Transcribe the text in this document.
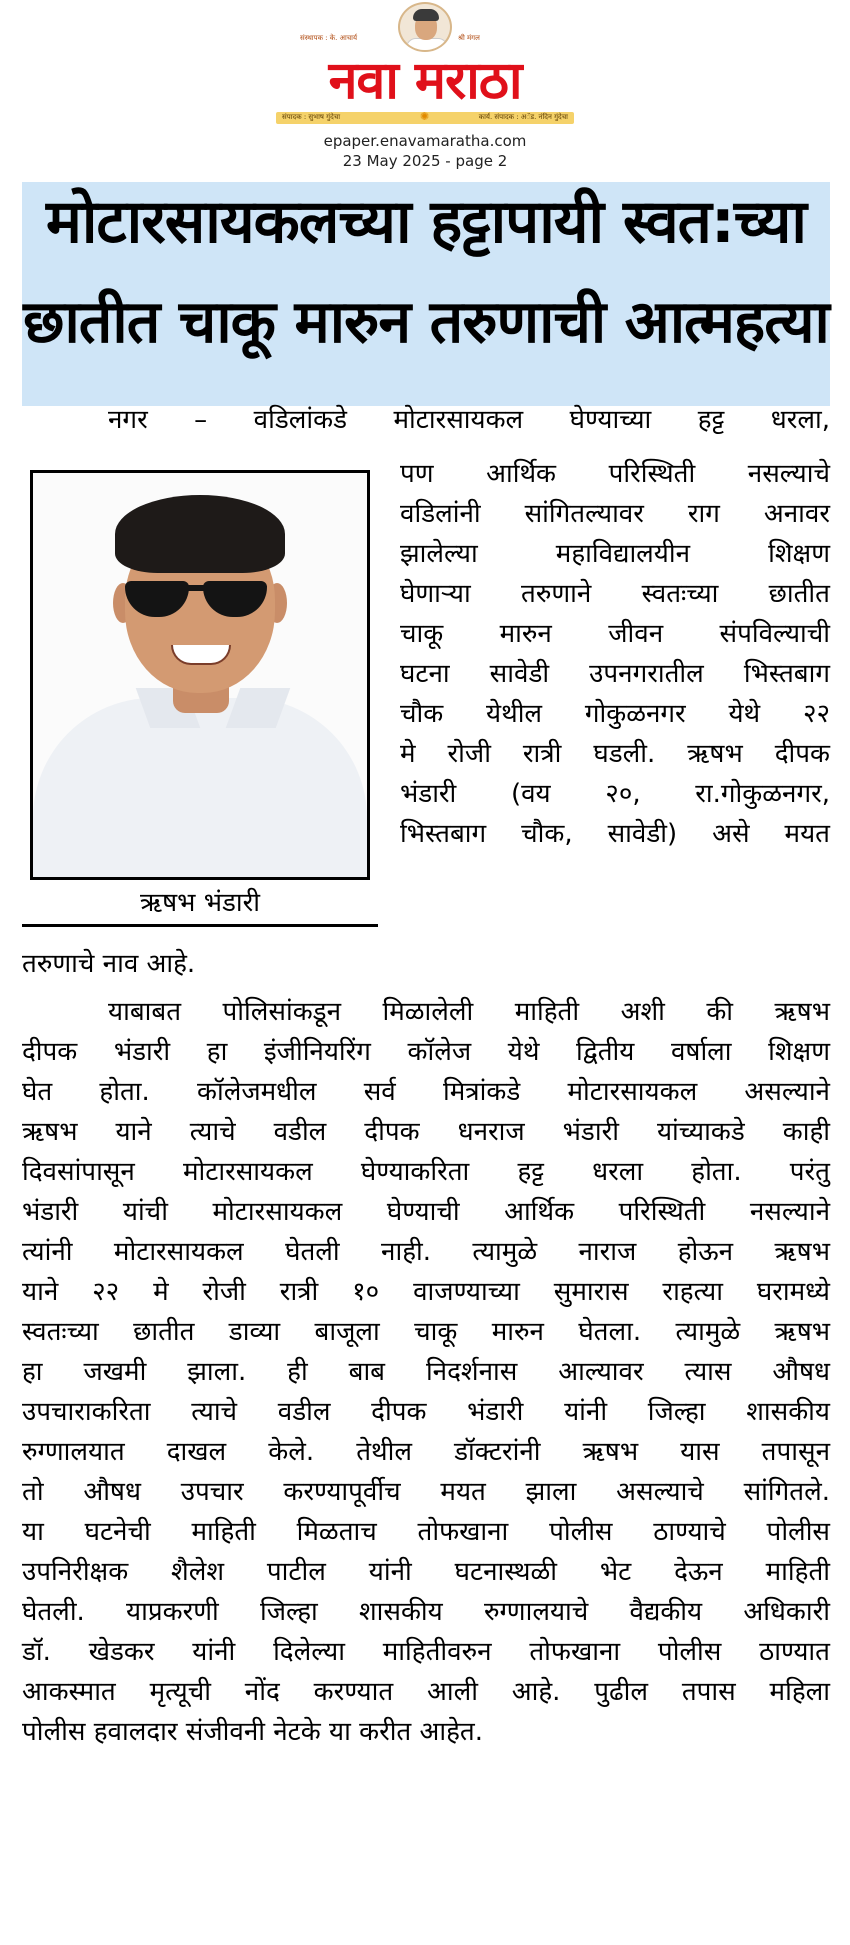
संस्थापक : के. आचार्य	श्री मंगल
नवा मराठा
संपादक : सुभाष गुंदेचा	✺	कार्य. संपादक : अॅड. नंदिन गुंदेचा
epaper.enavamaratha.com
23 May 2025 - page 2
मोटारसायकलच्या हट्टापायी स्वत:च्या
छातीत चाकू मारुन तरुणाची आत्महत्या
ऋषभ भंडारी
नगर – वडिलांकडे मोटारसायकल घेण्याच्या हट्ट धरला,
पण आर्थिक परिस्थिती नसल्याचे
वडिलांनी सांगितल्यावर राग अनावर
झालेल्या महाविद्यालयीन शिक्षण
घेणाऱ्या तरुणाने स्वतःच्या छातीत
चाकू मारुन जीवन संपविल्याची
घटना सावेडी उपनगरातील भिस्तबाग
चौक येथील गोकुळनगर येथे २२
मे रोजी रात्री घडली. ऋषभ दीपक
भंडारी (वय २०, रा.गोकुळनगर,
भिस्तबाग चौक, सावेडी) असे मयत
तरुणाचे नाव आहे.
याबाबत पोलिसांकडून मिळालेली माहिती अशी की ऋषभ
दीपक भंडारी हा इंजीनियरिंग कॉलेज येथे द्वितीय वर्षाला शिक्षण
घेत होता. कॉलेजमधील सर्व मित्रांकडे मोटारसायकल असल्याने
ऋषभ याने त्याचे वडील दीपक धनराज भंडारी यांच्याकडे काही
दिवसांपासून मोटारसायकल घेण्याकरिता हट्ट धरला होता. परंतु
भंडारी यांची मोटारसायकल घेण्याची आर्थिक परिस्थिती नसल्याने
त्यांनी मोटारसायकल घेतली नाही. त्यामुळे नाराज होऊन ऋषभ
याने २२ मे रोजी रात्री १० वाजण्याच्या सुमारास राहत्या घरामध्ये
स्वतःच्या छातीत डाव्या बाजूला चाकू मारुन घेतला. त्यामुळे ऋषभ
हा जखमी झाला. ही बाब निदर्शनास आल्यावर त्यास औषध
उपचाराकरिता त्याचे वडील दीपक भंडारी यांनी जिल्हा शासकीय
रुग्णालयात दाखल केले. तेथील डॉक्टरांनी ऋषभ यास तपासून
तो औषध उपचार करण्यापूर्वीच मयत झाला असल्याचे सांगितले.
या घटनेची माहिती मिळताच तोफखाना पोलीस ठाण्याचे पोलीस
उपनिरीक्षक शैलेश पाटील यांनी घटनास्थळी भेट देऊन माहिती
घेतली. याप्रकरणी जिल्हा शासकीय रुग्णालयाचे वैद्यकीय अधिकारी
डॉ. खेडकर यांनी दिलेल्या माहितीवरुन तोफखाना पोलीस ठाण्यात
आकस्मात मृत्यूची नोंद करण्यात आली आहे. पुढील तपास महिला
पोलीस हवालदार संजीवनी नेटके या करीत आहेत.
